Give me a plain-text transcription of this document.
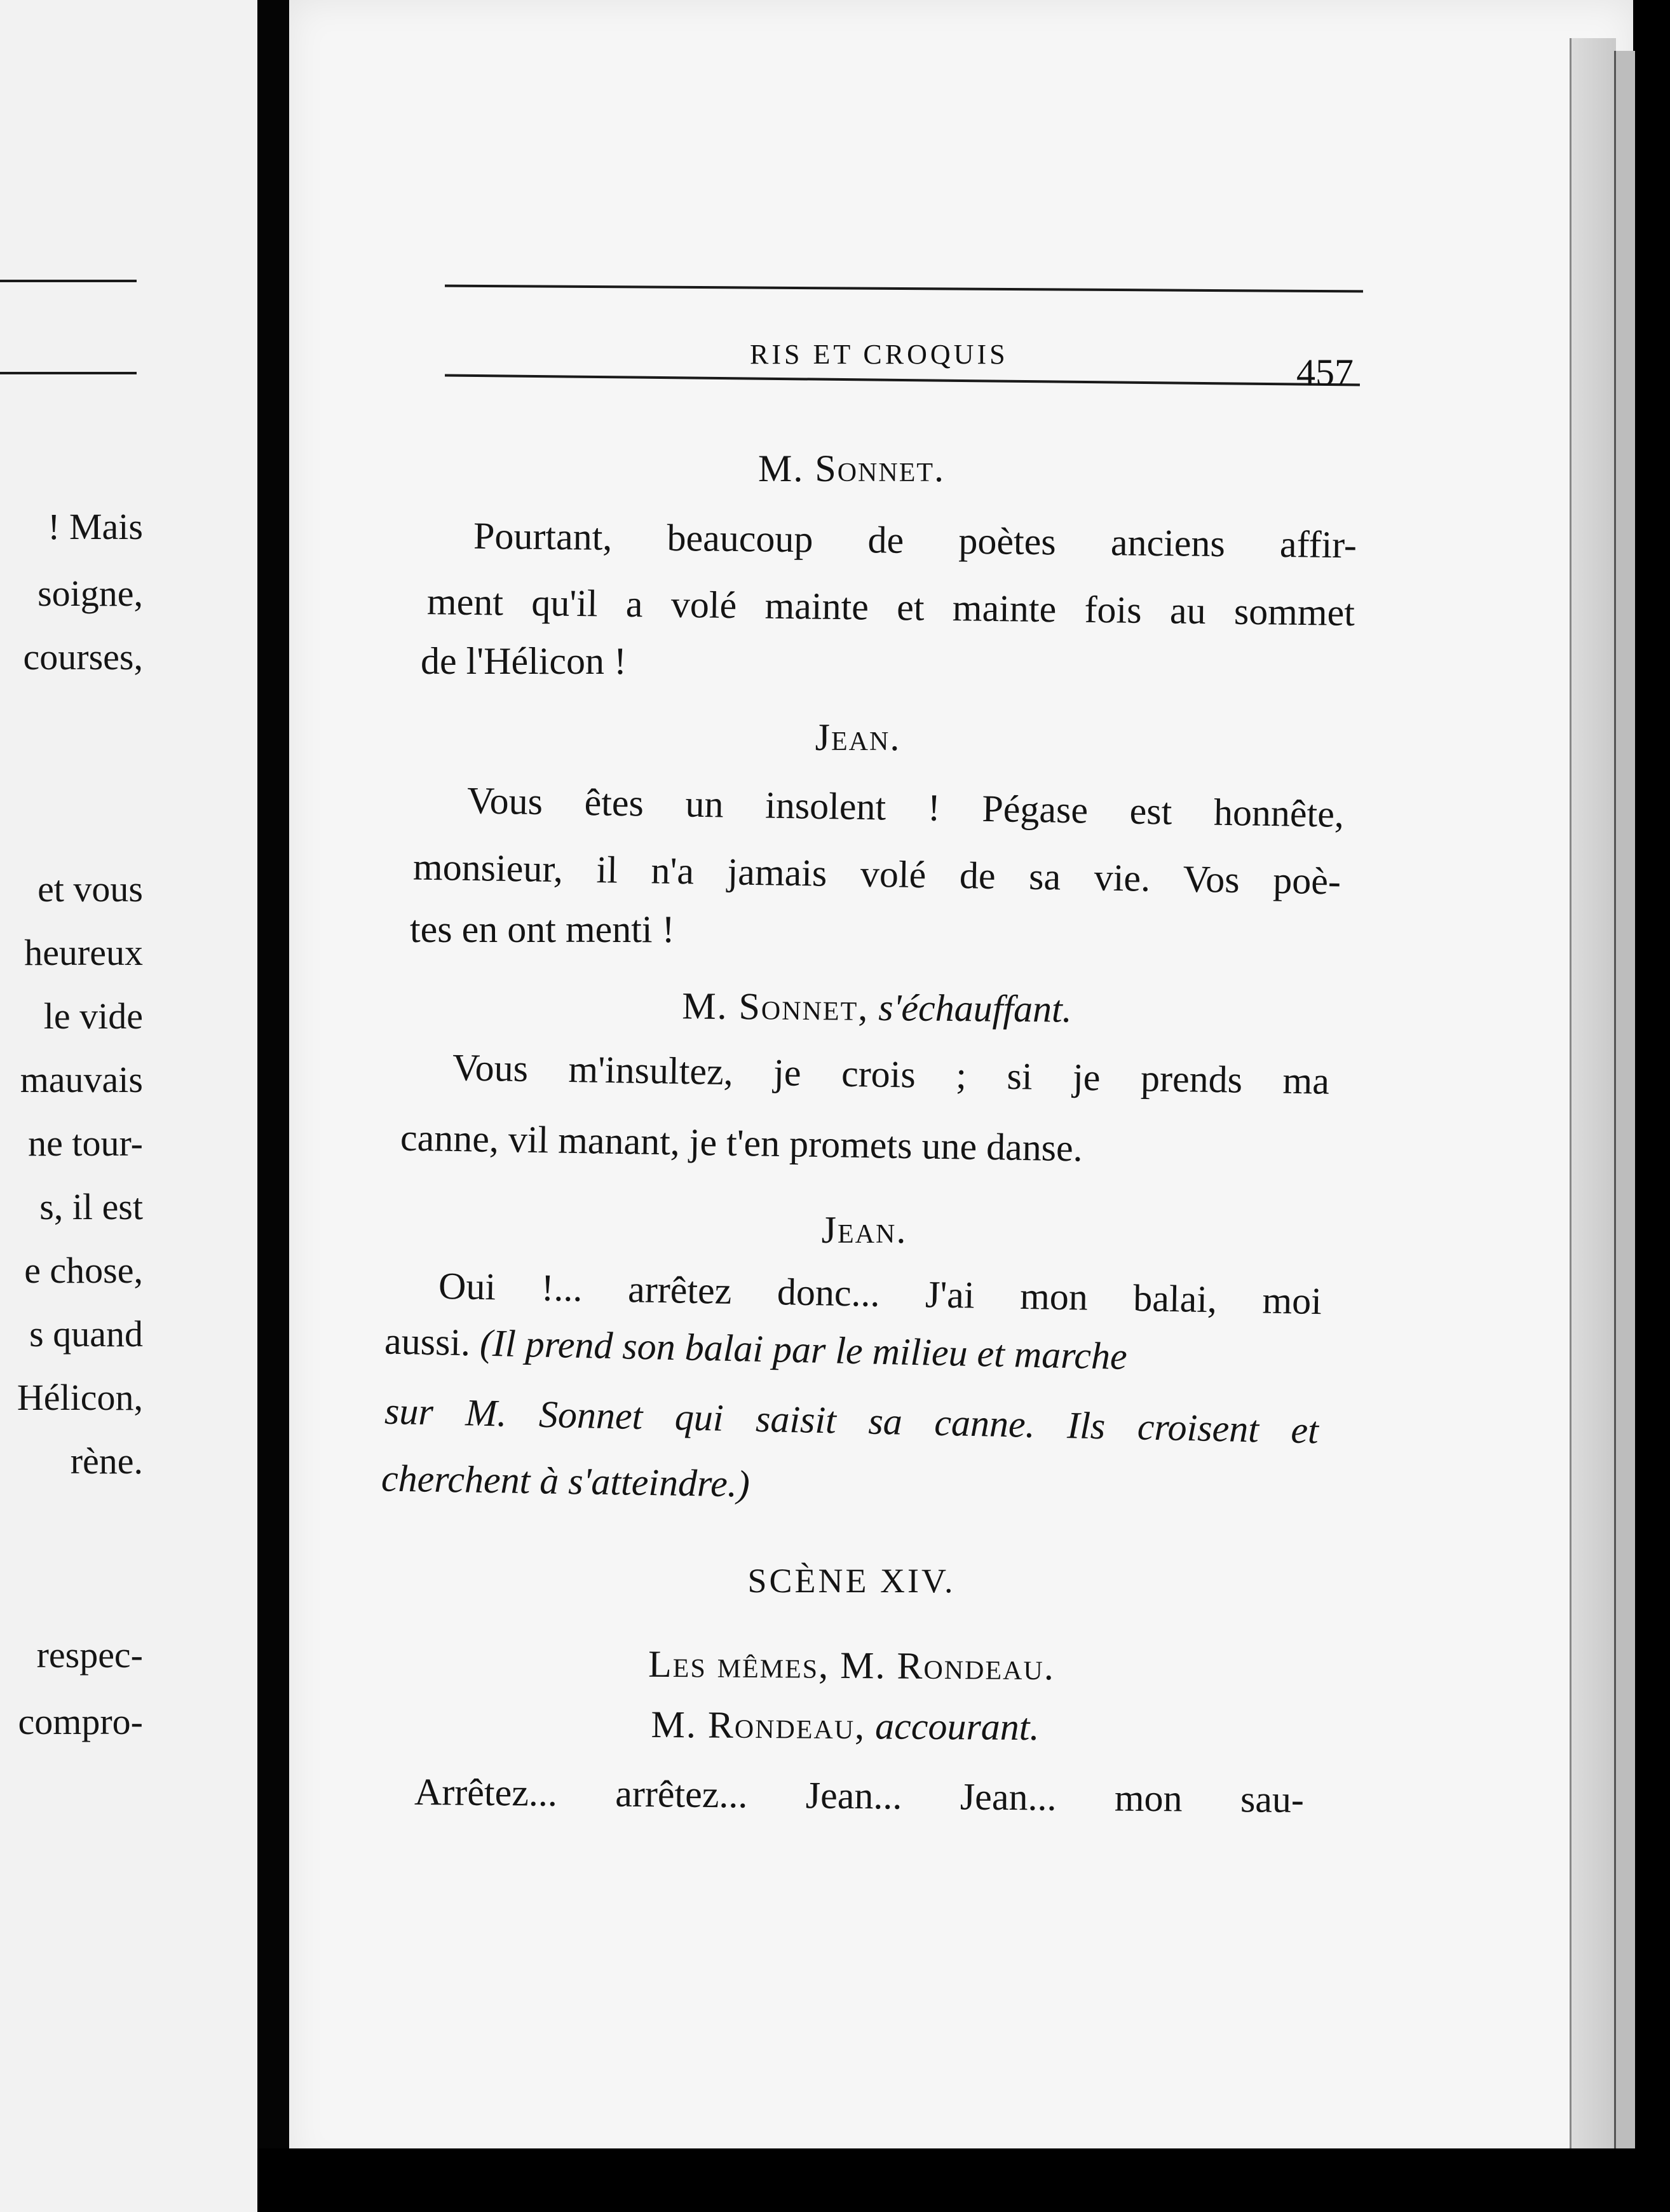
! Mais
soigne,
courses,
et vous
heureux
le vide
mauvais
ne tour-
s, il est
e chose,
s quand
Hélicon,
rène.
respec-
compro-
RIS ET CROQUIS	457
M. Sonnet.
Pourtant, beaucoup de poètes anciens affir-
ment qu'il a volé mainte et mainte fois au sommet
de l'Hélicon !
Jean.
Vous êtes un insolent ! Pégase est honnête,
monsieur, il n'a jamais volé de sa vie. Vos poè-
tes en ont menti !
M. Sonnet, s'échauffant.
Vous m'insultez, je crois ; si je prends ma
canne, vil manant, je t'en promets une danse.
Jean.
Oui !... arrêtez donc... J'ai mon balai, moi
aussi. (Il prend son balai par le milieu et marche
sur M. Sonnet qui saisit sa canne. Ils croisent et
cherchent à s'atteindre.)
SCÈNE XIV.
Les mêmes, M. Rondeau.
M. Rondeau, accourant.
Arrêtez... arrêtez... Jean... Jean... mon sau-
